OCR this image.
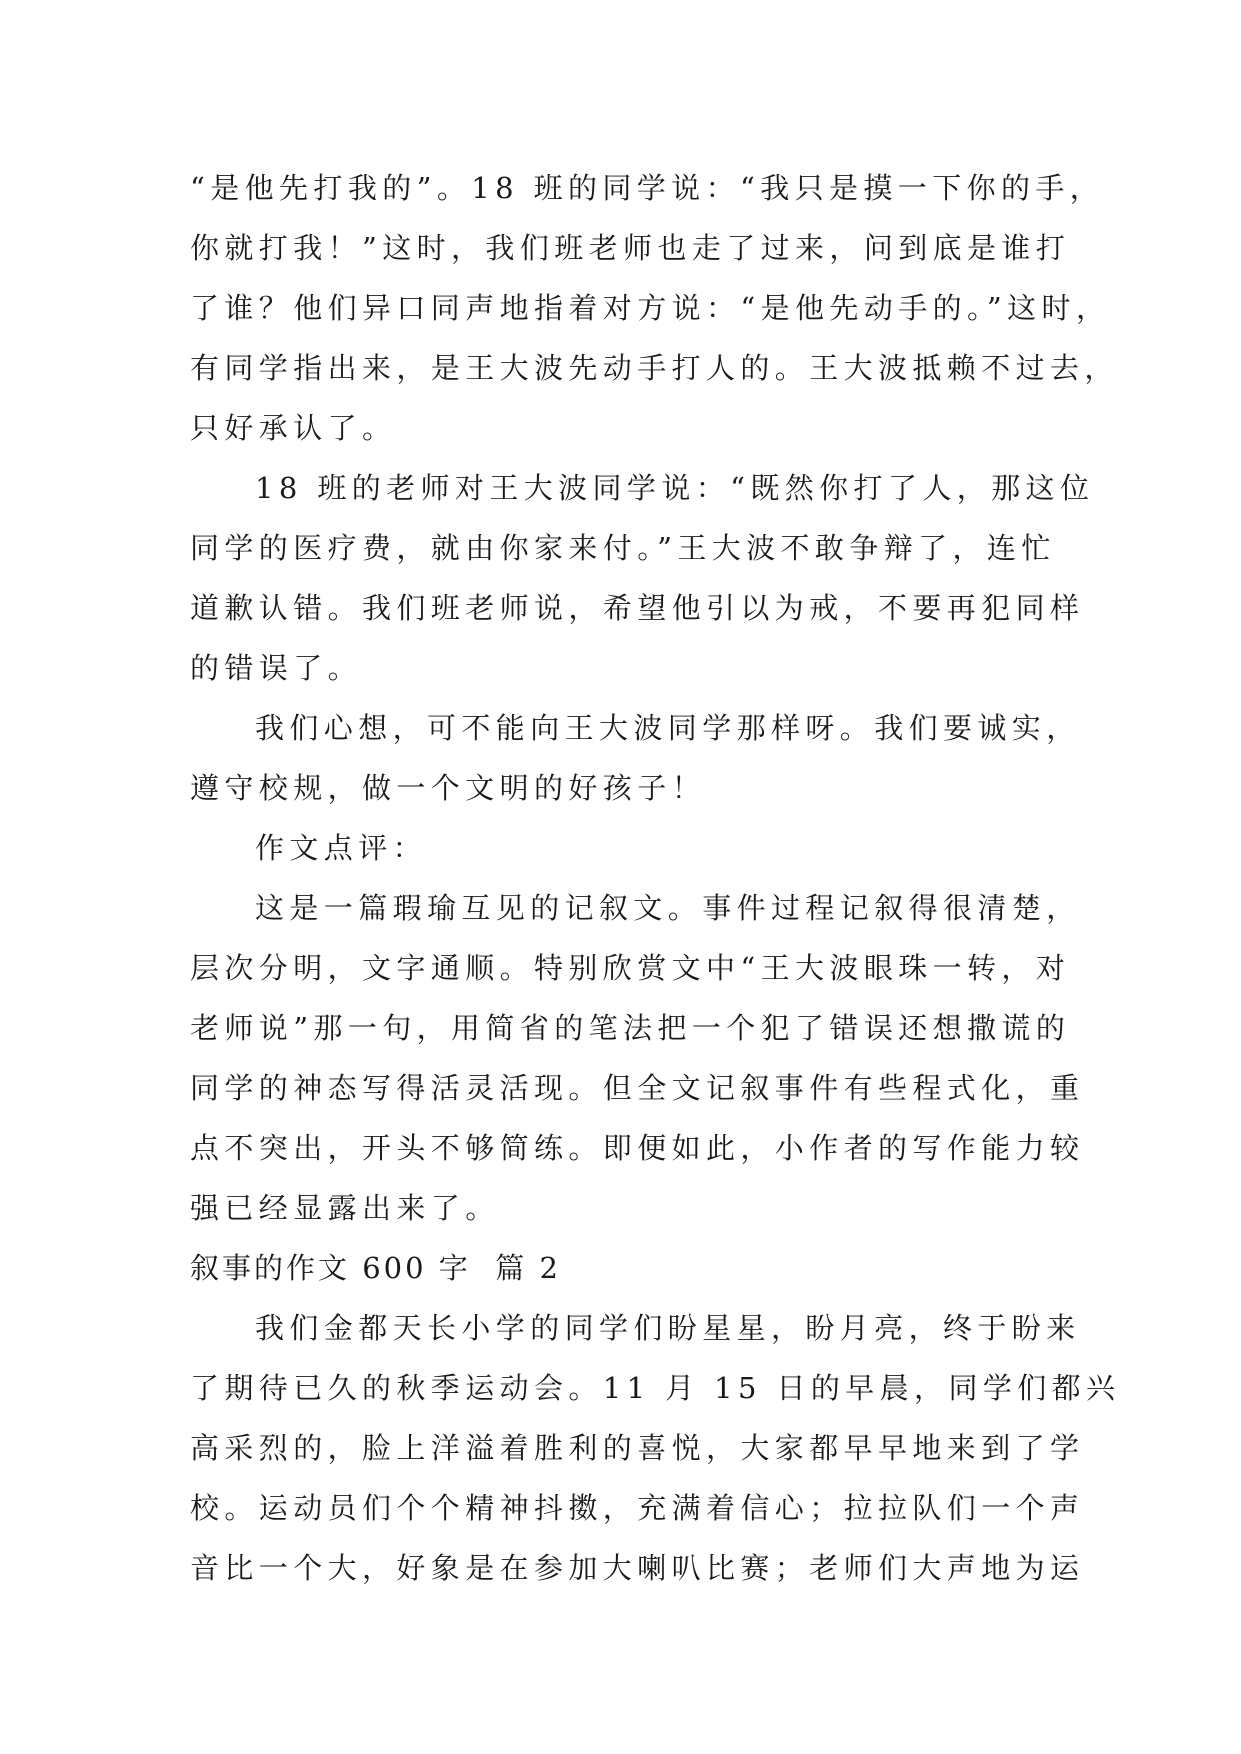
“是他先打我的”。18 班的同学说：“我只是摸一下你的手，

你就打我！”这时，我们班老师也走了过来，问到底是谁打

了谁？他们异口同声地指着对方说：“是他先动手的。”这时，

有同学指出来，是王大波先动手打人的。王大波抵赖不过去，

只好承认了。

18 班的老师对王大波同学说：“既然你打了人，那这位

同学的医疗费，就由你家来付。”王大波不敢争辩了，连忙

道歉认错。我们班老师说，希望他引以为戒，不要再犯同样

的错误了。

我们心想，可不能向王大波同学那样呀。我们要诚实，

遵守校规，做一个文明的好孩子！

作文点评：

这是一篇瑕瑜互见的记叙文。事件过程记叙得很清楚，

层次分明，文字通顺。特别欣赏文中“王大波眼珠一转，对

老师说”那一句，用简省的笔法把一个犯了错误还想撒谎的

同学的神态写得活灵活现。但全文记叙事件有些程式化，重

点不突出，开头不够简练。即便如此，小作者的写作能力较

强已经显露出来了。

叙事的作文 600 字  篇 2

我们金都天长小学的同学们盼星星，盼月亮，终于盼来

了期待已久的秋季运动会。11 月 15 日的早晨，同学们都兴

高采烈的，脸上洋溢着胜利的喜悦，大家都早早地来到了学

校。运动员们个个精神抖擞，充满着信心；拉拉队们一个声

音比一个大，好象是在参加大喇叭比赛；老师们大声地为运
